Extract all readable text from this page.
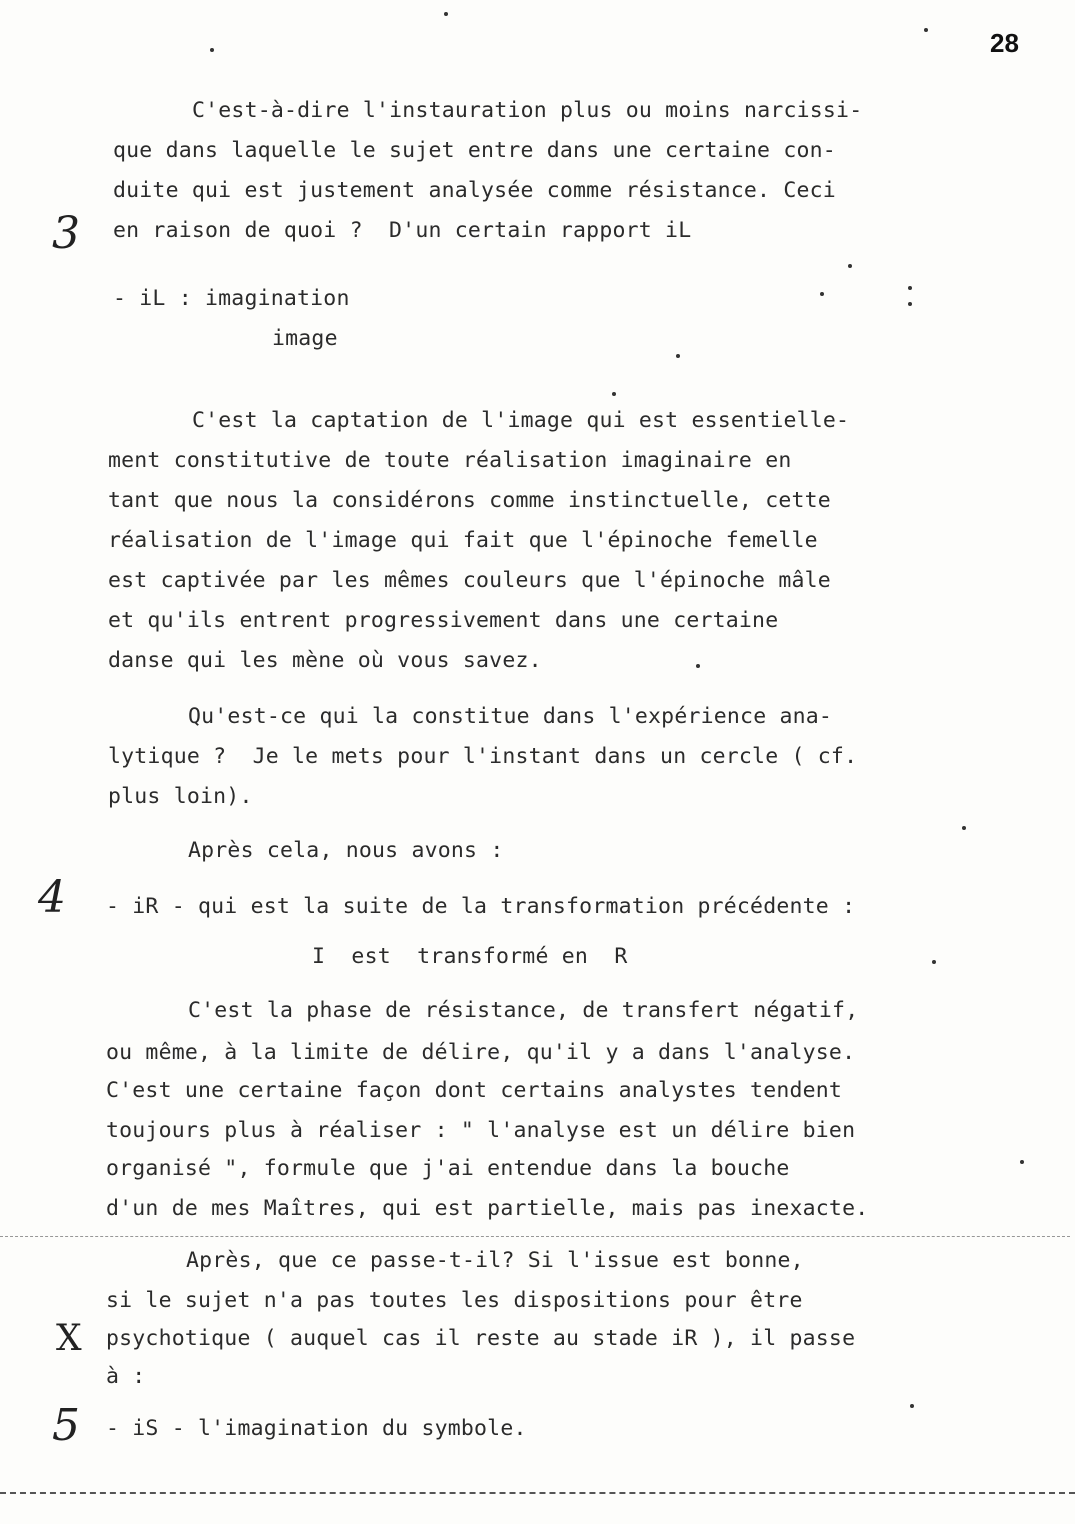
28
3
4
X
5
C'est-à-dire l'instauration plus ou moins narcissi-
que dans laquelle le sujet entre dans une certaine con-
duite qui est justement analysée comme résistance. Ceci
en raison de quoi ?  D'un certain rapport iL
- iL : imagination
image
C'est la captation de l'image qui est essentielle-
ment constitutive de toute réalisation imaginaire en
tant que nous la considérons comme instinctuelle, cette
réalisation de l'image qui fait que l'épinoche femelle
est captivée par les mêmes couleurs que l'épinoche mâle
et qu'ils entrent progressivement dans une certaine
danse qui les mène où vous savez.
Qu'est-ce qui la constitue dans l'expérience ana-
lytique ?  Je le mets pour l'instant dans un cercle ( cf.
plus loin).
Après cela, nous avons :
- iR - qui est la suite de la transformation précédente :
I  est  transformé en  R
C'est la phase de résistance, de transfert négatif,
ou même, à la limite de délire, qu'il y a dans l'analyse.
C'est une certaine façon dont certains analystes tendent
toujours plus à réaliser : " l'analyse est un délire bien
organisé ", formule que j'ai entendue dans la bouche
d'un de mes Maîtres, qui est partielle, mais pas inexacte.
Après, que ce passe-t-il? Si l'issue est bonne,
si le sujet n'a pas toutes les dispositions pour être
psychotique ( auquel cas il reste au stade iR ), il passe
à :
- iS - l'imagination du symbole.
